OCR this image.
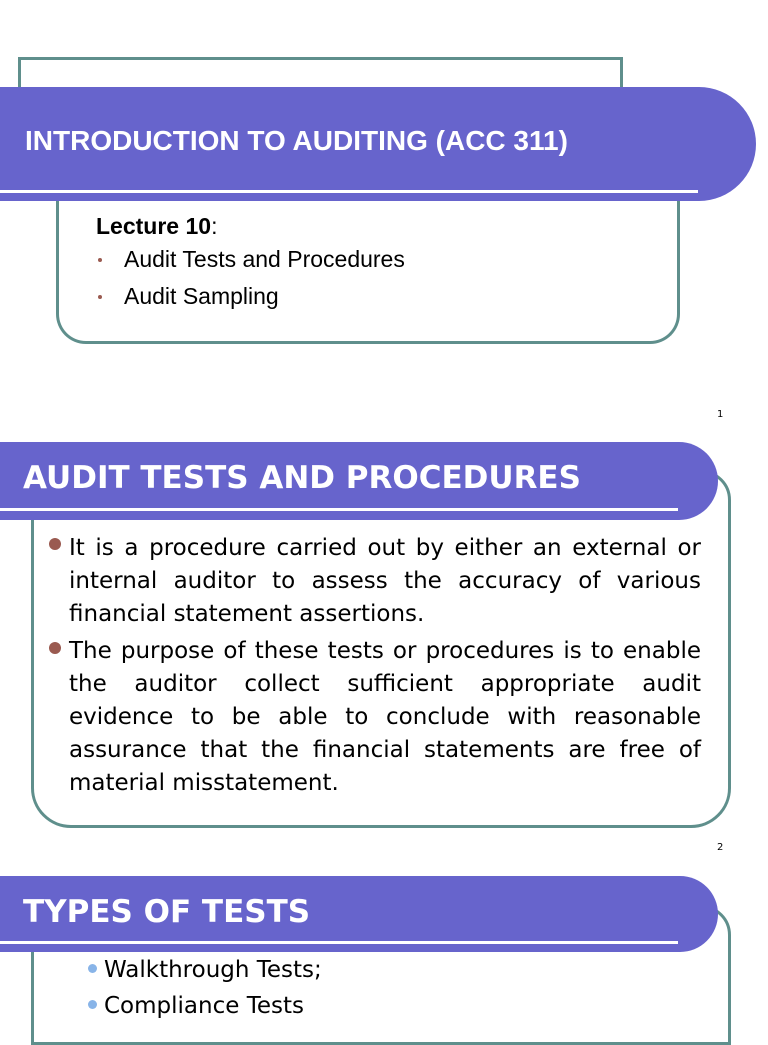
INTRODUCTION TO AUDITING (ACC 311)
Lecture 10:
Audit Tests and Procedures
Audit Sampling
1
AUDIT TESTS AND PROCEDURES
It is a procedure carried out by either an external or internal auditor to assess the accuracy of various financial statement assertions.
The purpose of these tests or procedures is to enable the auditor collect sufficient appropriate audit evidence to be able to conclude with reasonable assurance that the financial statements are free of material misstatement.
2
TYPES OF TESTS
Walkthrough Tests;
Compliance Tests
